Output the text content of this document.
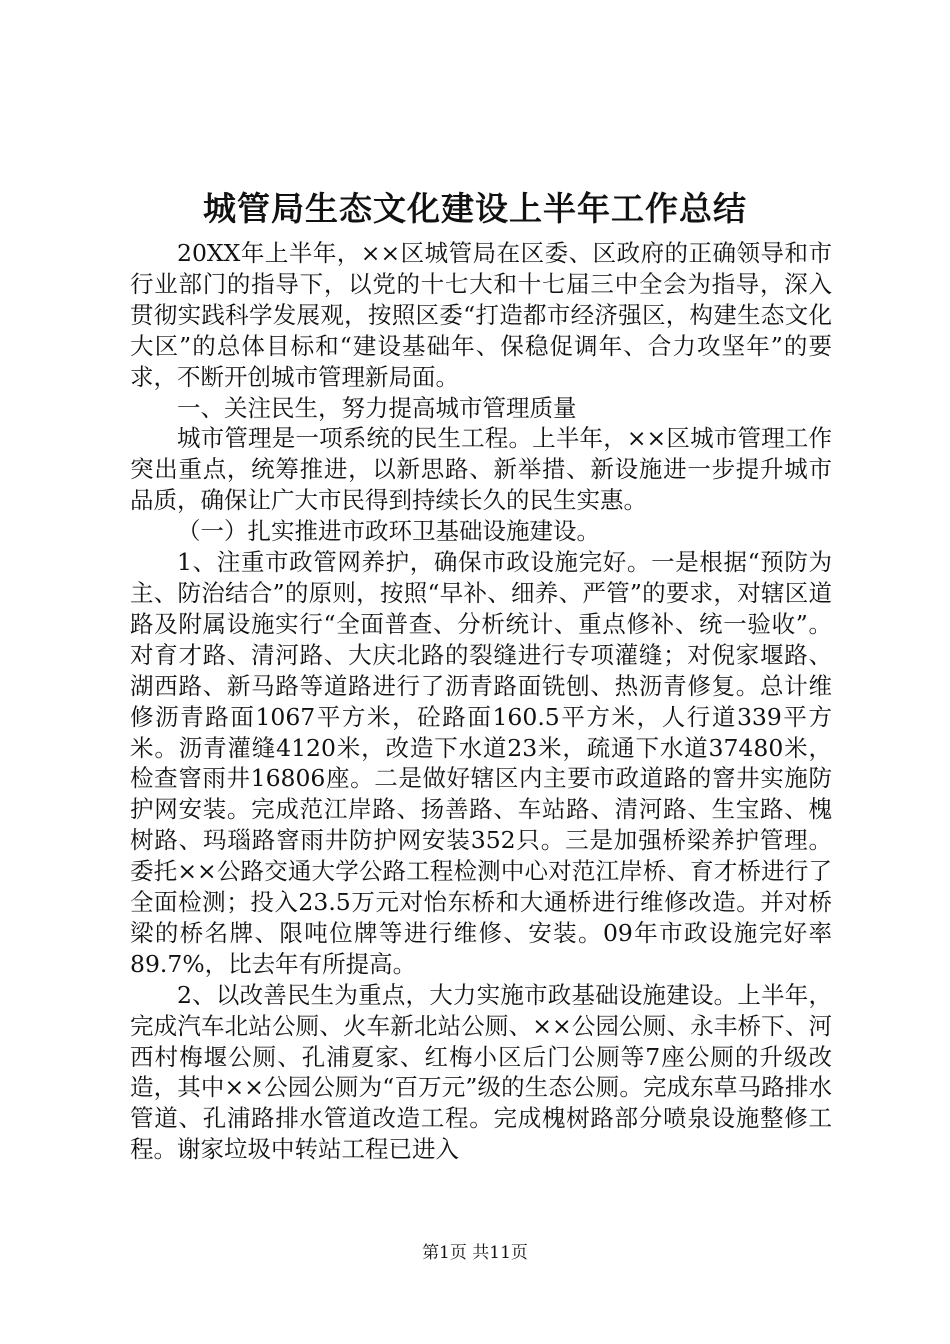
城管局生态文化建设上半年工作总结

20XX年上半年，××区城管局在区委、区政府的正确领导和市行业部门的指导下，以党的十七大和十七届三中全会为指导，深入贯彻实践科学发展观，按照区委“打造都市经济强区，构建生态文化大区”的总体目标和“建设基础年、保稳促调年、合力攻坚年”的要求，不断开创城市管理新局面。

一、关注民生，努力提高城市管理质量

城市管理是一项系统的民生工程。上半年，××区城市管理工作突出重点，统筹推进，以新思路、新举措、新设施进一步提升城市品质，确保让广大市民得到持续长久的民生实惠。

（一）扎实推进市政环卫基础设施建设。

1、注重市政管网养护，确保市政设施完好。一是根据“预防为主、防治结合”的原则，按照“早补、细养、严管”的要求，对辖区道路及附属设施实行“全面普查、分析统计、重点修补、统一验收”。对育才路、清河路、大庆北路的裂缝进行专项灌缝；对倪家堰路、湖西路、新马路等道路进行了沥青路面铣刨、热沥青修复。总计维修沥青路面1067平方米，砼路面160.5平方米，人行道339平方米。沥青灌缝4120米，改造下水道23米，疏通下水道37480米，检查窨雨井16806座。二是做好辖区内主要市政道路的窨井实施防护网安装。完成范江岸路、扬善路、车站路、清河路、生宝路、槐树路、玛瑙路窨雨井防护网安装352只。三是加强桥梁养护管理。委托××公路交通大学公路工程检测中心对范江岸桥、育才桥进行了全面检测；投入23.5万元对怡东桥和大通桥进行维修改造。并对桥梁的桥名牌、限吨位牌等进行维修、安装。09年市政设施完好率89.7%，比去年有所提高。

2、以改善民生为重点，大力实施市政基础设施建设。上半年，完成汽车北站公厕、火车新北站公厕、××公园公厕、永丰桥下、河西村梅堰公厕、孔浦夏家、红梅小区后门公厕等7座公厕的升级改造，其中××公园公厕为“百万元”级的生态公厕。完成东草马路排水管道、孔浦路排水管道改造工程。完成槐树路部分喷泉设施整修工程。谢家垃圾中转站工程已进入

第1页 共11页
